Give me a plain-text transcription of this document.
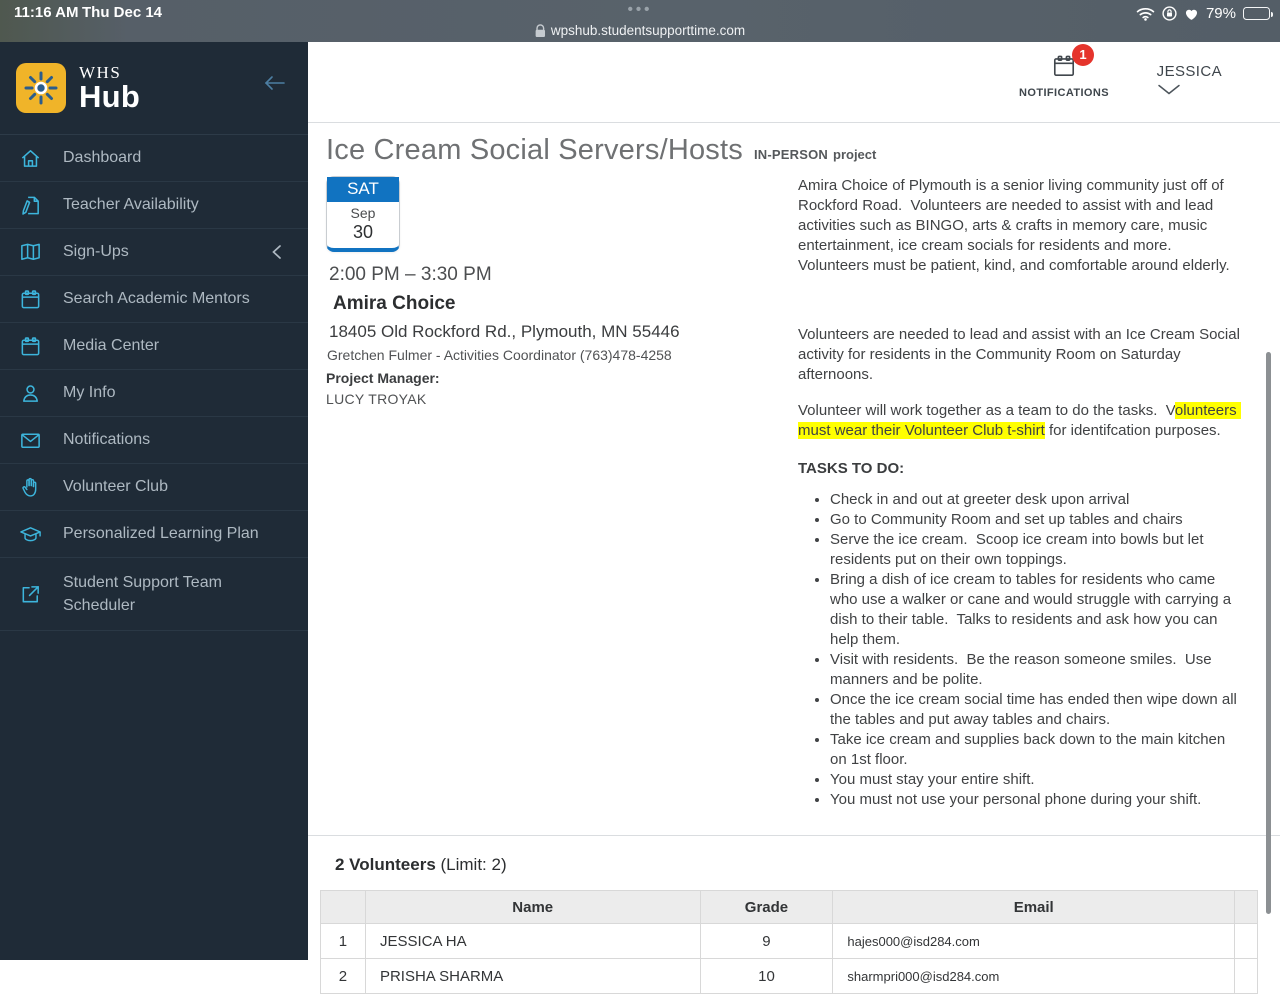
11:16 AM Thu Dec 14	•••
wpshub.studentsupporttime.com
79%
WHS
Hub
Dashboard
Teacher Availability
Sign-Ups
Search Academic Mentors
Media Center
My Info
Notifications
Volunteer Club
Personalized Learning Plan
Student Support Team Scheduler
1
NOTIFICATIONS
JESSICA
Ice Cream Social Servers/Hosts IN-PERSON project
SAT
Sep
30
2:00 PM – 3:30 PM
Amira Choice
18405 Old Rockford Rd., Plymouth, MN 55446
Gretchen Fulmer - Activities Coordinator (763)478-4258
Project Manager:
LUCY TROYAK

Amira Choice of Plymouth is a senior living community just off of Rockford Road.  Volunteers are needed to assist with and lead activities such as BINGO, arts & crafts in memory care, music entertainment, ice cream socials for residents and more.  Volunteers must be patient, kind, and comfortable around elderly.

Volunteers are needed to lead and assist with an Ice Cream Social activity for residents in the Community Room on Saturday afternoons.

Volunteer will work together as a team to do the tasks.  Volunteers must wear their Volunteer Club t-shirt for identifcation purposes.

TASKS TO DO:
• Check in and out at greeter desk upon arrival
• Go to Community Room and set up tables and chairs
• Serve the ice cream.  Scoop ice cream into bowls but let residents put on their own toppings.
• Bring a dish of ice cream to tables for residents who came who use a walker or cane and would struggle with carrying a dish to their table.  Talks to residents and ask how you can help them.
• Visit with residents.  Be the reason someone smiles.  Use manners and be polite.
• Once the ice cream social time has ended then wipe down all the tables and put away tables and chairs.
• Take ice cream and supplies back down to the main kitchen on 1st floor.
• You must stay your entire shift.
• You must not use your personal phone during your shift.
2 Volunteers (Limit: 2)
	Name	Grade	Email	
1	JESSICA HA	9	hajes000@isd284.com	
2	PRISHA SHARMA	10	sharmpri000@isd284.com	
